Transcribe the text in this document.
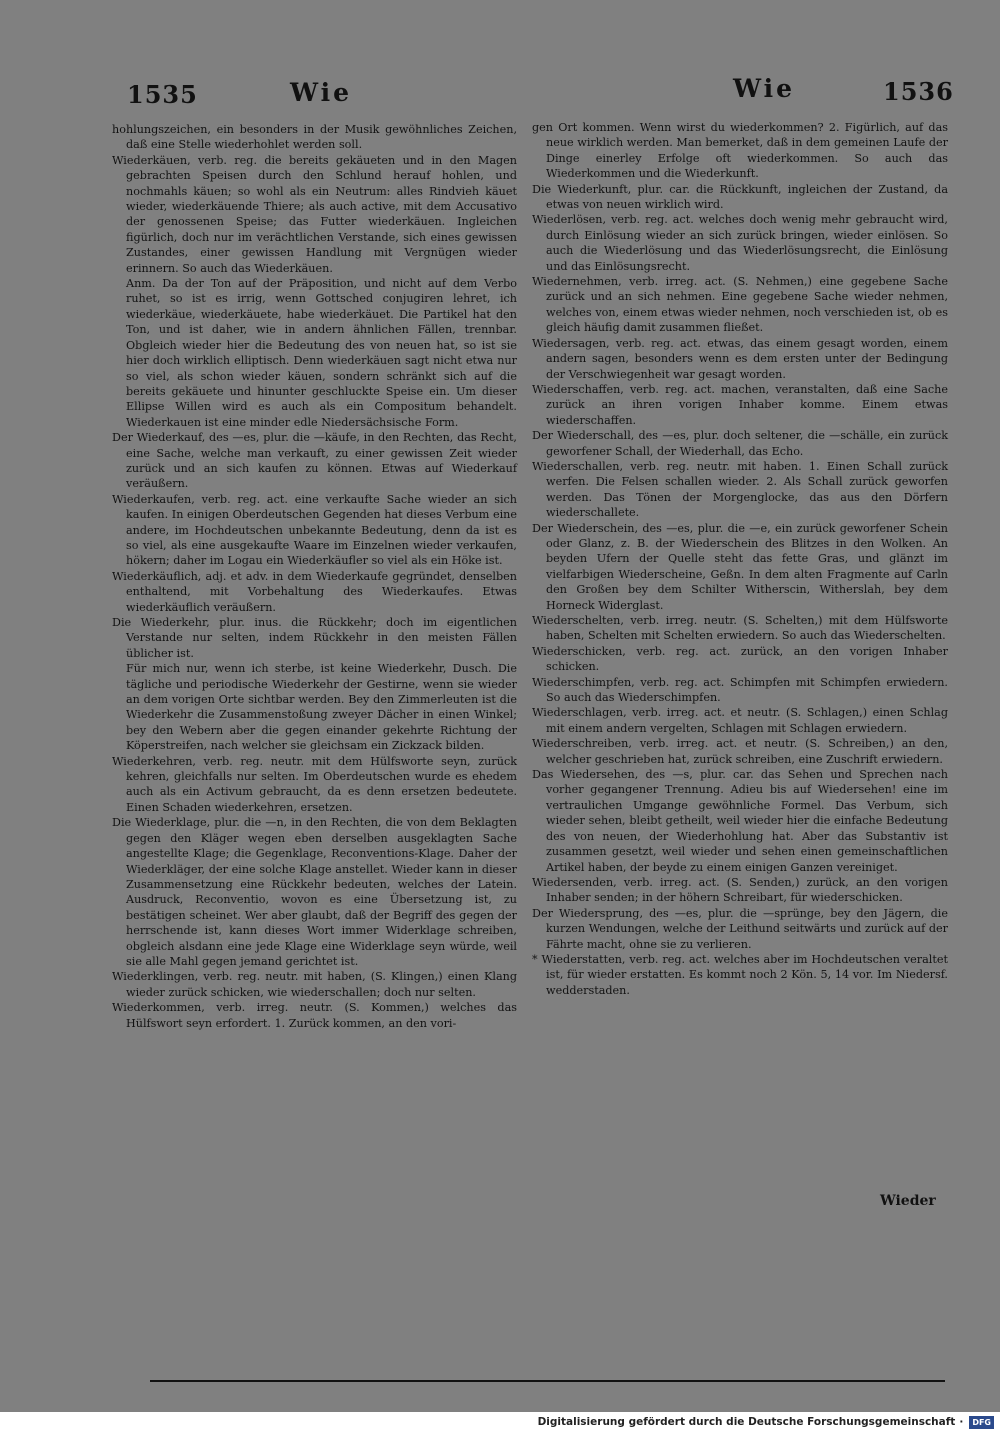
1535	Wie	Wie	1536

hohlungszeichen, ein besonders in der Musik gewöhnliches Zeichen, daß eine Stelle wiederhohlet werden soll.

Wiederkäuen, verb. reg. die bereits gekäueten und in den Magen gebrachten Speisen durch den Schlund herauf hohlen, und nochmahls käuen; so wohl als ein Neutrum: alles Rindvieh käuet wieder, wiederkäuende Thiere; als auch active, mit dem Accusativo der genossenen Speise; das Futter wiederkäuen. Ingleichen figürlich, doch nur im verächtlichen Verstande, sich eines gewissen Zustandes, einer gewissen Handlung mit Vergnügen wieder erinnern. So auch das Wiederkäuen.

Anm. Da der Ton auf der Präposition, und nicht auf dem Verbo ruhet, so ist es irrig, wenn Gottsched conjugiren lehret, ich wiederkäue, wiederkäuete, habe wiederkäuet. Die Partikel hat den Ton, und ist daher, wie in andern ähnlichen Fällen, trennbar. Obgleich wieder hier die Bedeutung des von neuen hat, so ist sie hier doch wirklich elliptisch. Denn wiederkäuen sagt nicht etwa nur so viel, als schon wieder käuen, sondern schränkt sich auf die bereits gekäuete und hinunter geschluckte Speise ein. Um dieser Ellipse Willen wird es auch als ein Compositum behandelt. Wiederkauen ist eine minder edle Niedersächsische Form.

Der Wiederkauf, des —es, plur. die —käufe, in den Rechten, das Recht, eine Sache, welche man verkauft, zu einer gewissen Zeit wieder zurück und an sich kaufen zu können. Etwas auf Wiederkauf veräußern.

Wiederkaufen, verb. reg. act. eine verkaufte Sache wieder an sich kaufen. In einigen Oberdeutschen Gegenden hat dieses Verbum eine andere, im Hochdeutschen unbekannte Bedeutung, denn da ist es so viel, als eine ausgekaufte Waare im Einzelnen wieder verkaufen, hökern; daher im Logau ein Wiederkäufler so viel als ein Höke ist.

Wiederkäuflich, adj. et adv. in dem Wiederkaufe gegründet, denselben enthaltend, mit Vorbehaltung des Wiederkaufes. Etwas wiederkäuflich veräußern.

Die Wiederkehr, plur. inus. die Rückkehr; doch im eigentlichen Verstande nur selten, indem Rückkehr in den meisten Fällen üblicher ist.

Für mich nur, wenn ich sterbe, ist keine Wiederkehr, Dusch. Die tägliche und periodische Wiederkehr der Gestirne, wenn sie wieder an dem vorigen Orte sichtbar werden. Bey den Zimmerleuten ist die Wiederkehr die Zusammenstoßung zweyer Dächer in einen Winkel; bey den Webern aber die gegen einander gekehrte Richtung der Köperstreifen, nach welcher sie gleichsam ein Zickzack bilden.

Wiederkehren, verb. reg. neutr. mit dem Hülfsworte seyn, zurück kehren, gleichfalls nur selten. Im Oberdeutschen wurde es ehedem auch als ein Activum gebraucht, da es denn ersetzen bedeutete. Einen Schaden wiederkehren, ersetzen.

Die Wiederklage, plur. die —n, in den Rechten, die von dem Beklagten gegen den Kläger wegen eben derselben ausgeklagten Sache angestellte Klage; die Gegenklage, Reconventions-Klage. Daher der Wiederkläger, der eine solche Klage anstellet. Wieder kann in dieser Zusammensetzung eine Rückkehr bedeuten, welches der Latein. Ausdruck, Reconventio, wovon es eine Übersetzung ist, zu bestätigen scheinet. Wer aber glaubt, daß der Begriff des gegen der herrschende ist, kann dieses Wort immer Widerklage schreiben, obgleich alsdann eine jede Klage eine Widerklage seyn würde, weil sie alle Mahl gegen jemand gerichtet ist.

Wiederklingen, verb. reg. neutr. mit haben, (S. Klingen,) einen Klang wieder zurück schicken, wie wiederschallen; doch nur selten.

Wiederkommen, verb. irreg. neutr. (S. Kommen,) welches das Hülfswort seyn erfordert. 1. Zurück kommen, an den vori-

gen Ort kommen. Wenn wirst du wiederkommen? 2. Figürlich, auf das neue wirklich werden. Man bemerket, daß in dem gemeinen Laufe der Dinge einerley Erfolge oft wiederkommen. So auch das Wiederkommen und die Wiederkunft.

Die Wiederkunft, plur. car. die Rückkunft, ingleichen der Zustand, da etwas von neuen wirklich wird.

Wiederlösen, verb. reg. act. welches doch wenig mehr gebraucht wird, durch Einlösung wieder an sich zurück bringen, wieder einlösen. So auch die Wiederlösung und das Wiederlösungsrecht, die Einlösung und das Einlösungsrecht.

Wiedernehmen, verb. irreg. act. (S. Nehmen,) eine gegebene Sache zurück und an sich nehmen. Eine gegebene Sache wieder nehmen, welches von, einem etwas wieder nehmen, noch verschieden ist, ob es gleich häufig damit zusammen fließet.

Wiedersagen, verb. reg. act. etwas, das einem gesagt worden, einem andern sagen, besonders wenn es dem ersten unter der Bedingung der Verschwiegenheit war gesagt worden.

Wiederschaffen, verb. reg. act. machen, veranstalten, daß eine Sache zurück an ihren vorigen Inhaber komme. Einem etwas wiederschaffen.

Der Wiederschall, des —es, plur. doch seltener, die —schälle, ein zurück geworfener Schall, der Wiederhall, das Echo.

Wiederschallen, verb. reg. neutr. mit haben. 1. Einen Schall zurück werfen. Die Felsen schallen wieder. 2. Als Schall zurück geworfen werden. Das Tönen der Morgenglocke, das aus den Dörfern wiederschallete.

Der Wiederschein, des —es, plur. die —e, ein zurück geworfener Schein oder Glanz, z. B. der Wiederschein des Blitzes in den Wolken. An beyden Ufern der Quelle steht das fette Gras, und glänzt im vielfarbigen Wiederscheine, Geßn. In dem alten Fragmente auf Carln den Großen bey dem Schilter Witherscin, Witherslah, bey dem Horneck Widerglast.

Wiederschelten, verb. irreg. neutr. (S. Schelten,) mit dem Hülfsworte haben, Schelten mit Schelten erwiedern. So auch das Wiederschelten.

Wiederschicken, verb. reg. act. zurück, an den vorigen Inhaber schicken.

Wiederschimpfen, verb. reg. act. Schimpfen mit Schimpfen erwiedern. So auch das Wiederschimpfen.

Wiederschlagen, verb. irreg. act. et neutr. (S. Schlagen,) einen Schlag mit einem andern vergelten, Schlagen mit Schlagen erwiedern.

Wiederschreiben, verb. irreg. act. et neutr. (S. Schreiben,) an den, welcher geschrieben hat, zurück schreiben, eine Zuschrift erwiedern.

Das Wiedersehen, des —s, plur. car. das Sehen und Sprechen nach vorher gegangener Trennung. Adieu bis auf Wiedersehen! eine im vertraulichen Umgange gewöhnliche Formel. Das Verbum, sich wieder sehen, bleibt getheilt, weil wieder hier die einfache Bedeutung des von neuen, der Wiederhohlung hat. Aber das Substantiv ist zusammen gesetzt, weil wieder und sehen einen gemeinschaftlichen Artikel haben, der beyde zu einem einigen Ganzen vereiniget.

Wiedersenden, verb. irreg. act. (S. Senden,) zurück, an den vorigen Inhaber senden; in der höhern Schreibart, für wiederschicken.

Der Wiedersprung, des —es, plur. die —sprünge, bey den Jägern, die kurzen Wendungen, welche der Leithund seitwärts und zurück auf der Fährte macht, ohne sie zu verlieren.

* Wiederstatten, verb. reg. act. welches aber im Hochdeutschen veraltet ist, für wieder erstatten. Es kommt noch 2 Kön. 5, 14 vor. Im Niedersf. wedderstaden.

Wieder
Digitalisierung gefördert durch die Deutsche Forschungsgemeinschaft · DFG
